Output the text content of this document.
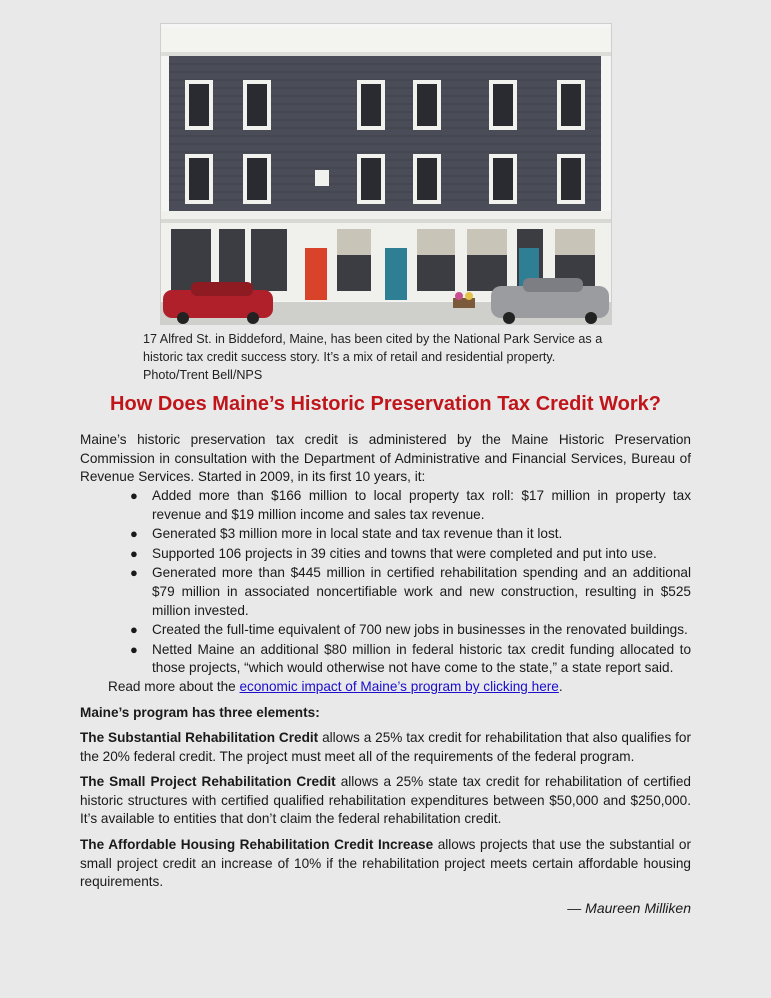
17 Alfred St. in Biddeford, Maine, has been cited by the National Park Service as a historic tax credit success story. It’s a mix of retail and residential property. Photo/Trent Bell/NPS
How Does Maine’s Historic Preservation Tax Credit Work?
Maine’s historic preservation tax credit is administered by the Maine Historic Preservation Commission in consultation with the Department of Administrative and Financial Services, Bureau of Revenue Services. Started in 2009, in its first 10 years, it:
● Added more than $166 million to local property tax roll: $17 million in property tax revenue and $19 million income and sales tax revenue.
● Generated $3 million more in local state and tax revenue than it lost.
● Supported 106 projects in 39 cities and towns that were completed and put into use.
● Generated more than $445 million in certified rehabilitation spending and an additional $79 million in associated noncertifiable work and new construction, resulting in $525 million invested.
● Created the full-time equivalent of 700 new jobs in businesses in the renovated buildings.
● Netted Maine an additional $80 million in federal historic tax credit funding allocated to those projects, “which would otherwise not have come to the state,” a state report said.
Read more about the economic impact of Maine’s program by clicking here.
Maine’s program has three elements:
The Substantial Rehabilitation Credit allows a 25% tax credit for rehabilitation that also qualifies for the 20% federal credit. The project must meet all of the requirements of the federal program.
The Small Project Rehabilitation Credit allows a 25% state tax credit for rehabilitation of certified historic structures with certified qualified rehabilitation expenditures between $50,000 and $250,000. It’s available to entities that don’t claim the federal rehabilitation credit.
The Affordable Housing Rehabilitation Credit Increase allows projects that use the substantial or small project credit an increase of 10% if the rehabilitation project meets certain affordable housing requirements.
— Maureen Milliken
